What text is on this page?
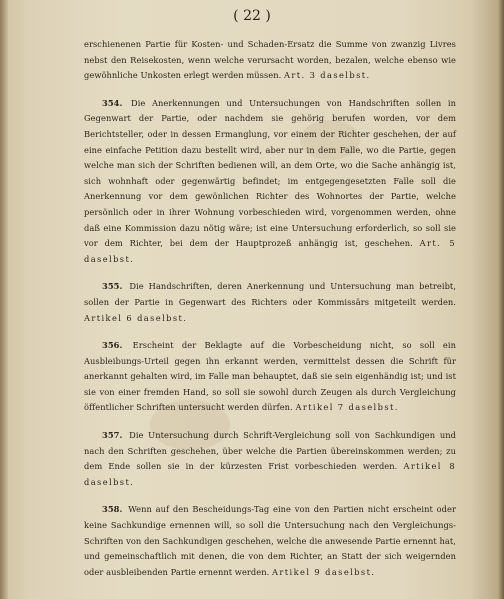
( 22 )

erschienenen Partie für Kosten- und Schaden-Ersatz die Summe von zwanzig Livres nebst den Reisekosten, wenn welche verursacht worden, bezalen, welche ebenso wie gewöhnliche Unkosten erlegt werden müssen. Art. 3 daselbst.

354. Die Anerkennungen und Untersuchungen von Handschriften sollen in Gegenwart der Partie, oder nachdem sie gehörig berufen worden, vor dem Berichtsteller, oder in dessen Ermanglung, vor einem der Richter geschehen, der auf eine einfache Petition dazu bestellt wird, aber nur in dem Falle, wo die Partie, gegen welche man sich der Schriften bedienen will, an dem Orte, wo die Sache anhängig ist, sich wohnhaft oder gegenwärtig befindet; im entgegengesetzten Falle soll die Anerkennung vor dem gewönlichen Richter des Wohnortes der Partie, welche persönlich oder in ihrer Wohnung vorbeschieden wird, vorgenommen werden, ohne daß eine Kommission dazu nötig wäre; ist eine Untersuchung erforderlich, so soll sie vor dem Richter, bei dem der Hauptprozeß anhängig ist, geschehen. Art. 5 daselbst.

355. Die Handschriften, deren Anerkennung und Untersuchung man betreibt, sollen der Partie in Gegenwart des Richters oder Kommissärs mitgeteilt werden. Artikel 6 daselbst.

356. Erscheint der Beklagte auf die Vorbescheidung nicht, so soll ein Ausbleibungs-Urteil gegen ihn erkannt werden, vermittelst dessen die Schrift für anerkannt gehalten wird, im Falle man behauptet, daß sie sein eigenhändig ist; und ist sie von einer fremden Hand, so soll sie sowohl durch Zeugen als durch Vergleichung öffentlicher Schriften untersucht werden dürfen. Artikel 7 daselbst.

357. Die Untersuchung durch Schrift-Vergleichung soll von Sachkundigen und nach den Schriften geschehen, über welche die Partien übereinskommen werden; zu dem Ende sollen sie in der kürzesten Frist vorbeschieden werden. Artikel 8 daselbst.

358. Wenn auf den Bescheidungs-Tag eine von den Partien nicht erscheint oder keine Sachkundige ernennen will, so soll die Untersuchung nach den Vergleichungs-Schriften von den Sachkundigen geschehen, welche die anwesende Partie ernennt hat, und gemeinschaftlich mit denen, die von dem Richter, an Statt der sich weigernden oder ausbleibenden Partie ernennt werden. Artikel 9 daselbst.
